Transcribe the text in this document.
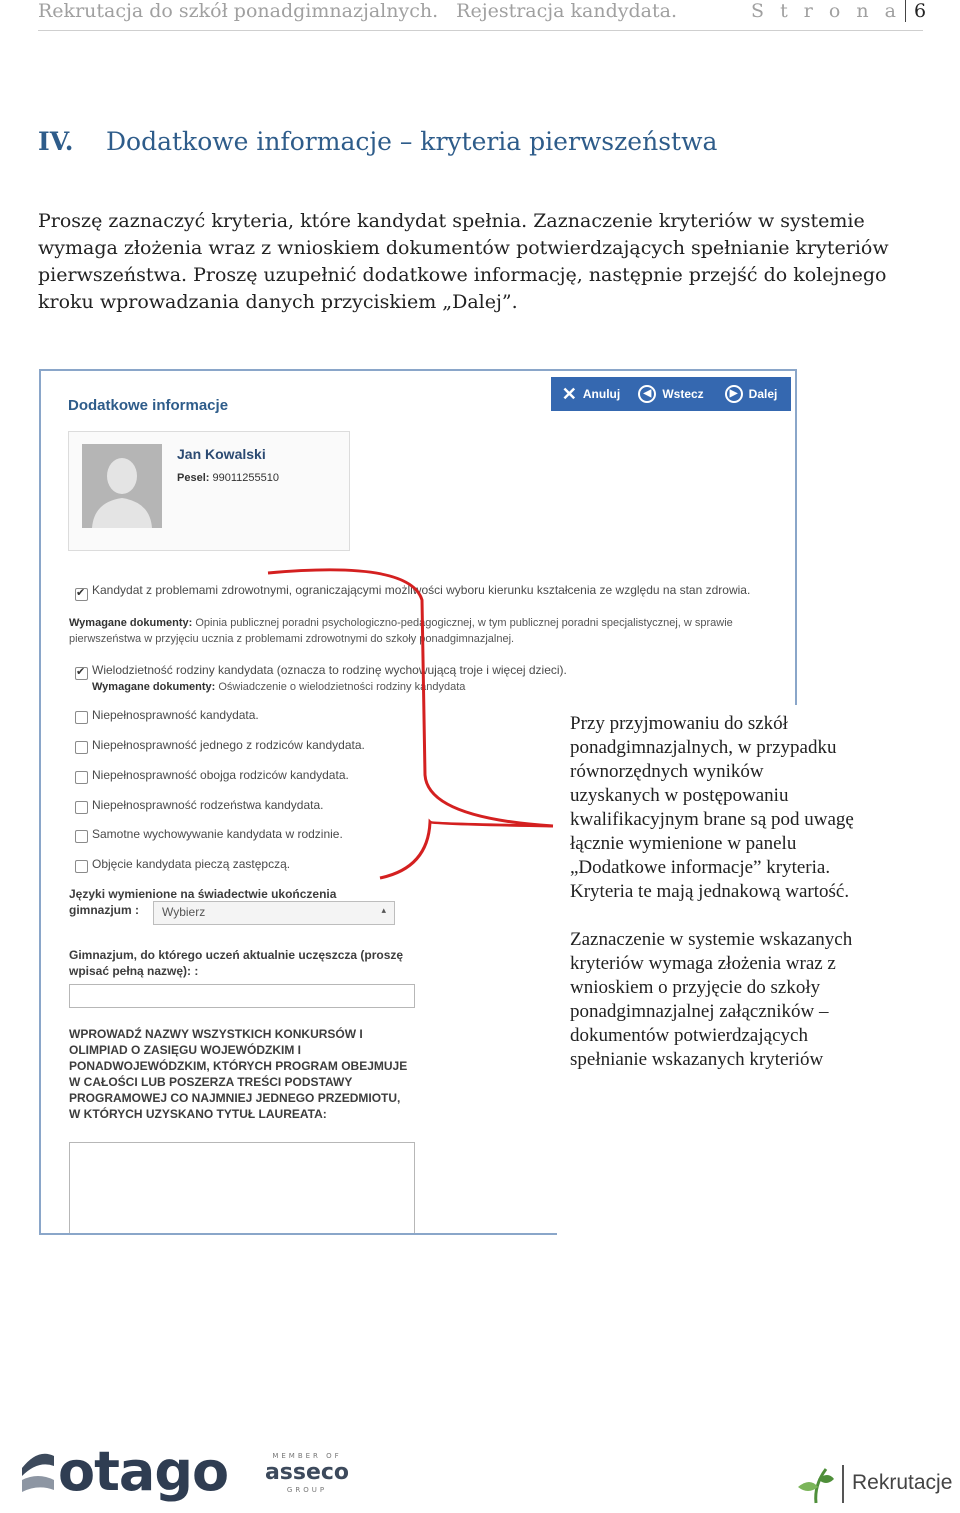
Rekrutacja do szkół ponadgimnazjalnych. Rejestracja kandydata.	S t r o n a 6
IV. Dodatkowe informacje – kryteria pierwszeństwa
Proszę zaznaczyć kryteria, które kandydat spełnia. Zaznaczenie kryteriów w systemie wymaga złożenia wraz z wnioskiem dokumentów potwierdzających spełnianie kryteriów pierwszeństwa. Proszę uzupełnić dodatkowe informację, następnie przejść do kolejnego kroku wprowadzania danych przyciskiem „Dalej”.
Dodatkowe informacje
✕ Anuluj	◀ Wstecz	▶ Dalej
Jan Kowalski
Pesel: 99011255510
✔
Kandydat z problemami zdrowotnymi, ograniczającymi możliwości wyboru kierunku kształcenia ze względu na stan zdrowia.
Wymagane dokumenty: Opinia publicznej poradni psychologiczno-pedagogicznej, w tym publicznej poradni specjalistycznej, w sprawie pierwszeństwa w przyjęciu ucznia z problemami zdrowotnymi do szkoły ponadgimnazjalnej.
✔
Wielodzietność rodziny kandydata (oznacza to rodzinę wychowującą troje i więcej dzieci).
Wymagane dokumenty: Oświadczenie o wielodzietności rodziny kandydata
Niepełnosprawność kandydata.
Niepełnosprawność jednego z rodziców kandydata.
Niepełnosprawność obojga rodziców kandydata.
Niepełnosprawność rodzeństwa kandydata.
Samotne wychowywanie kandydata w rodzinie.
Objęcie kandydata pieczą zastępczą.
Języki wymienione na świadectwie ukończenia gimnazjum :	Wybierz	▴

Gimnazjum, do którego uczeń aktualnie uczęszcza (proszę wpisać pełną nazwę): :
WPROWADŹ NAZWY WSZYSTKICH KONKURSÓW I OLIMPIAD O ZASIĘGU WOJEWÓDZKIM I PONADWOJEWÓDZKIM, KTÓRYCH PROGRAM OBEJMUJE W CAŁOŚCI LUB POSZERZA TREŚCI PODSTAWY PROGRAMOWEJ CO NAJMNIEJ JEDNEGO PRZEDMIOTU, W KTÓRYCH UZYSKANO TYTUŁ LAUREATA:

Przy przyjmowaniu do szkół ponadgimnazjalnych, w przypadku równorzędnych wyników uzyskanych w postępowaniu kwalifikacyjnym brane są pod uwagę łącznie wymienione w panelu „Dodatkowe informacje” kryteria. Kryteria te mają jednakową wartość.

Zaznaczenie w systemie wskazanych kryteriów wymaga złożenia wraz z wnioskiem o przyjęcie do szkoły ponadgimnazjalnej załączników – dokumentów potwierdzających spełnianie wskazanych kryteriów

otago	MEMBER OF
asseco
GROUP	Rekrutacje
